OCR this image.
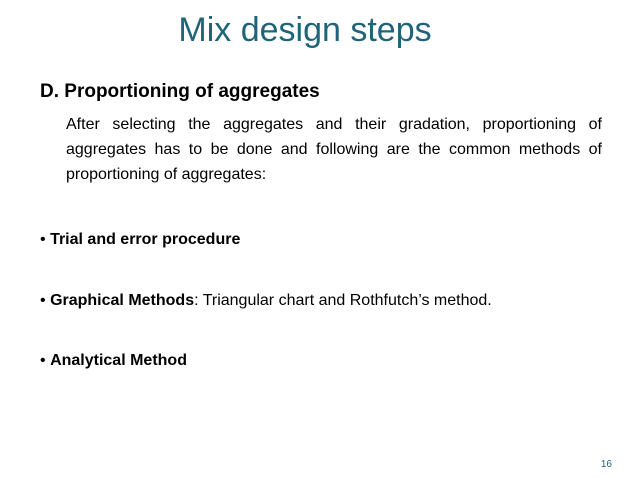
Mix design steps
D. Proportioning of aggregates
After selecting the aggregates and their gradation, proportioning of aggregates has to be done and following are the common methods of proportioning of aggregates:
• Trial and error procedure
• Graphical Methods: Triangular chart and Rothfutch’s method.
• Analytical Method
16
